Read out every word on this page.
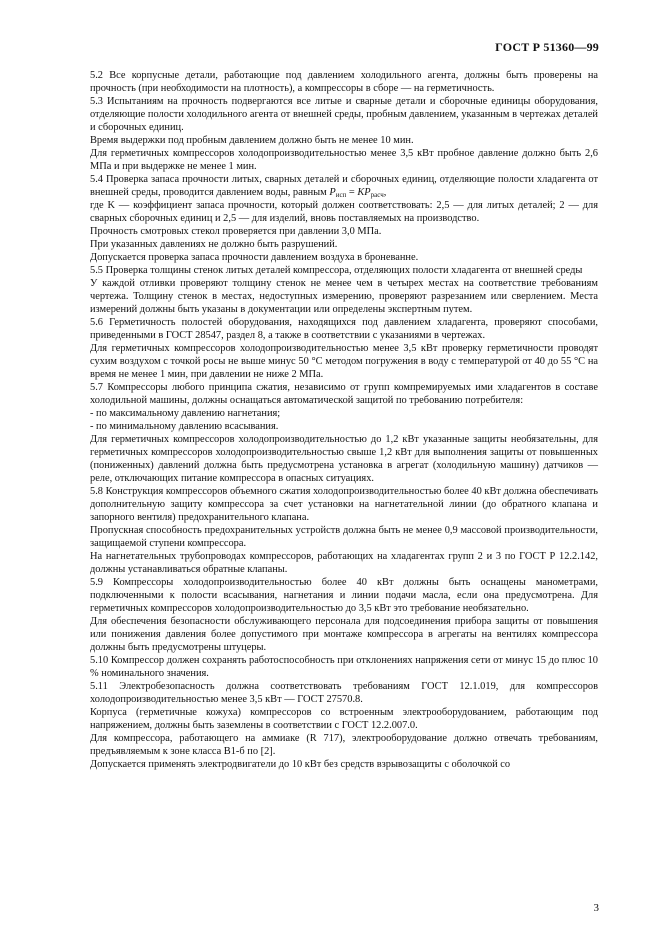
ГОСТ Р 51360—99

5.2 Все корпусные детали, работающие под давлением холодильного агента, должны быть проверены на прочность (при необходимости на плотность), а компрессоры в сборе — на герметичность.

5.3 Испытаниям на прочность подвергаются все литые и сварные детали и сборочные единицы оборудования, отделяющие полости холодильного агента от внешней среды, пробным давлением, указанным в чертежах деталей и сборочных единиц.

Время выдержки под пробным давлением должно быть не менее 10 мин.

Для герметичных компрессоров холодопроизводительностью менее 3,5 кВт пробное давление должно быть 2,6 МПа и при выдержке не менее 1 мин.

5.4 Проверка запаса прочности литых, сварных деталей и сборочных единиц, отделяющие полости хладагента от внешней среды, проводится давлением воды, равным $P_{исп} = KP_{расч}$,

где K — коэффициент запаса прочности, который должен соответствовать: 2,5 — для литых деталей; 2 — для сварных сборочных единиц и 2,5 — для изделий, вновь поставляемых на производство.

Прочность смотровых стекол проверяется при давлении 3,0 МПа.

При указанных давлениях не должно быть разрушений.

Допускается проверка запаса прочности давлением воздуха в броневанне.

5.5 Проверка толщины стенок литых деталей компрессора, отделяющих полости хладагента от внешней среды

У каждой отливки проверяют толщину стенок не менее чем в четырех местах на соответствие требованиям чертежа. Толщину стенок в местах, недоступных измерению, проверяют разрезанием или сверлением. Места измерений должны быть указаны в документации или определены экспертным путем.

5.6 Герметичность полостей оборудования, находящихся под давлением хладагента, проверяют способами, приведенными в ГОСТ 28547, раздел 8, а также в соответствии с указаниями в чертежах.

Для герметичных компрессоров холодопроизводительностью менее 3,5 кВт проверку герметичности проводят сухим воздухом с точкой росы не выше минус 50 °С методом погружения в воду с температурой от 40 до 55 °С на время не менее 1 мин, при давлении не ниже 2 МПа.

5.7 Компрессоры любого принципа сжатия, независимо от групп компремируемых ими хладагентов в составе холодильной машины, должны оснащаться автоматической защитой по требованию потребителя:

- по максимальному давлению нагнетания;

- по минимальному давлению всасывания.

Для герметичных компрессоров холодопроизводительностью до 1,2 кВт указанные защиты необязательны, для герметичных компрессоров холодопроизводительностью свыше 1,2 кВт для выполнения защиты от повышенных (пониженных) давлений должна быть предусмотрена установка в агрегат (холодильную машину) датчиков — реле, отключающих питание компрессора в опасных ситуациях.

5.8 Конструкция компрессоров объемного сжатия холодопроизводительностью более 40 кВт должна обеспечивать дополнительную защиту компрессора за счет установки на нагнетательной линии (до обратного клапана и запорного вентиля) предохранительного клапана.

Пропускная способность предохранительных устройств должна быть не менее 0,9 массовой производительности, защищаемой ступени компрессора.

На нагнетательных трубопроводах компрессоров, работающих на хладагентах групп 2 и 3 по ГОСТ Р 12.2.142, должны устанавливаться обратные клапаны.

5.9 Компрессоры холодопроизводительностью более 40 кВт должны быть оснащены манометрами, подключенными к полости всасывания, нагнетания и линии подачи масла, если она предусмотрена. Для герметичных компрессоров холодопроизводительностью до 3,5 кВт это требование необязательно.

Для обеспечения безопасности обслуживающего персонала для подсоединения прибора защиты от повышения или понижения давления более допустимого при монтаже компрессора в агрегаты на вентилях компрессора должны быть предусмотрены штуцеры.

5.10 Компрессор должен сохранять работоспособность при отклонениях напряжения сети от минус 15 до плюс 10 % номинального значения.

5.11 Электробезопасность должна соответствовать требованиям ГОСТ 12.1.019, для компрессоров холодопроизводительностью менее 3,5 кВт — ГОСТ 27570.8.

Корпуса (герметичные кожуха) компрессоров со встроенным электрооборудованием, работающим под напряжением, должны быть заземлены в соответствии с ГОСТ 12.2.007.0.

Для компрессора, работающего на аммиаке (R 717), электрооборудование должно отвечать требованиям, предъявляемым к зоне класса В1-б по [2].

Допускается применять электродвигатели до 10 кВт без средств взрывозащиты с оболочкой со

3
